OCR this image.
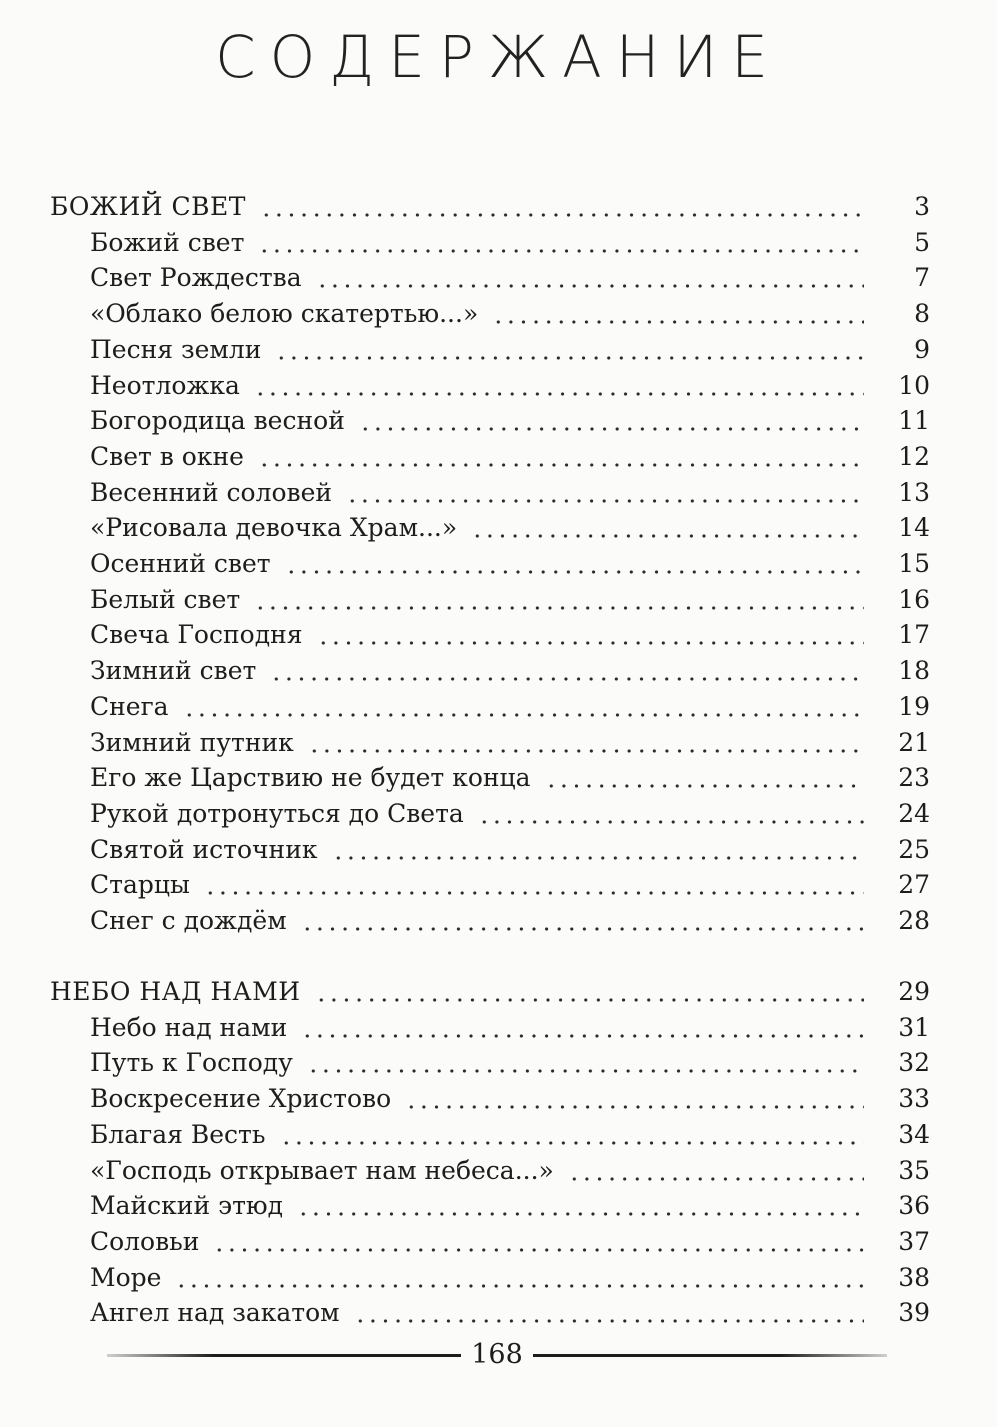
СОДЕРЖАНИЕ
БОЖИЙ СВЕТ	3
Божий свет	5
Свет Рождества	7
«Облако белою скатертью...»	8
Песня земли	9
Неотложка	10
Богородица весной	11
Свет в окне	12
Весенний соловей	13
«Рисовала девочка Храм...»	14
Осенний свет	15
Белый свет	16
Свеча Господня	17
Зимний свет	18
Снега	19
Зимний путник	21
Его же Царствию не будет конца	23
Рукой дотронуться до Света	24
Святой источник	25
Старцы	27
Снег с дождём	28
НЕБО НАД НАМИ	29
Небо над нами	31
Путь к Господу	32
Воскресение Христово	33
Благая Весть	34
«Господь открывает нам небеса...»	35
Майский этюд	36
Соловьи	37
Море	38
Ангел над закатом	39
168
